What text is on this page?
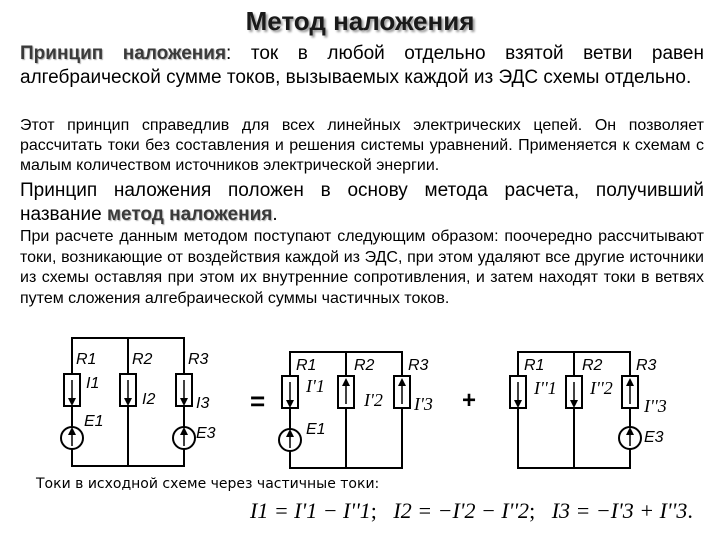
Метод наложения

Принцип наложения: ток в любой отдельно взятой ветви равен алгебраической сумме токов, вызываемых каждой из ЭДС схемы отдельно.

Этот принцип справедлив для всех линейных электрических цепей. Он позволяет рассчитать токи без составления и решения системы уравнений. Применяется к схемам с малым количеством источников электрической энергии.

Принцип наложения положен в основу метода расчета, получивший название метод наложения.

При расчете данным методом поступают следующим образом: поочередно рассчитывают токи, возникающие от воздействия каждой из ЭДС, при этом удаляют все другие источники из схемы оставляя при этом их внутренние сопротивления, и затем находят токи в ветвях путем сложения алгебраической суммы частичных токов.

R1 R2 R3
I1
I2	I3
E1
E3
=
R1 R2 R3
I'1
I'2 I'3
E1
+
R1 R2 R3
I''1 I''2
I''3
E3
Токи в исходной схеме через частичные токи:
I1 = I'1 − I''1;   I2 = −I'2 − I''2;   I3 = −I'3 + I''3.
